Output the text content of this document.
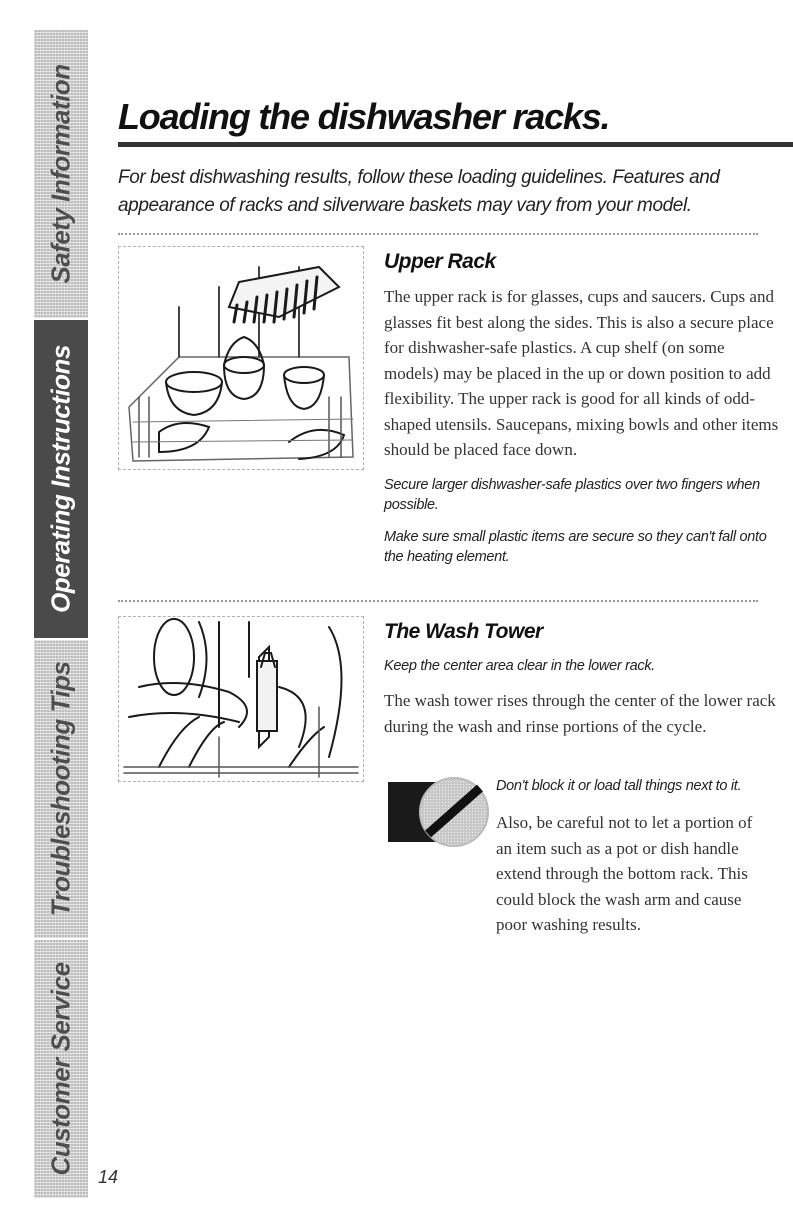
Safety Information
Operating Instructions
Troubleshooting Tips
Customer Service
Loading the dishwasher racks.

For best dishwashing results, follow these loading guidelines. Features and appearance of racks and silverware baskets may vary from your model.

Upper Rack

The upper rack is for glasses, cups and saucers. Cups and glasses fit best along the sides. This is also a secure place for dishwasher-safe plastics. A cup shelf (on some models) may be placed in the up or down position to add flexibility. The upper rack is good for all kinds of odd-shaped utensils. Saucepans, mixing bowls and other items should be placed face down.

Secure larger dishwasher-safe plastics over two fingers when possible.

Make sure small plastic items are secure so they can't fall onto the heating element.

The Wash Tower

Keep the center area clear in the lower rack.

The wash tower rises through the center of the lower rack during the wash and rinse portions of the cycle.

Don't block it or load tall things next to it.

Also, be careful not to let a portion of an item such as a pot or dish handle extend through the bottom rack. This could block the wash arm and cause poor washing results.

14
